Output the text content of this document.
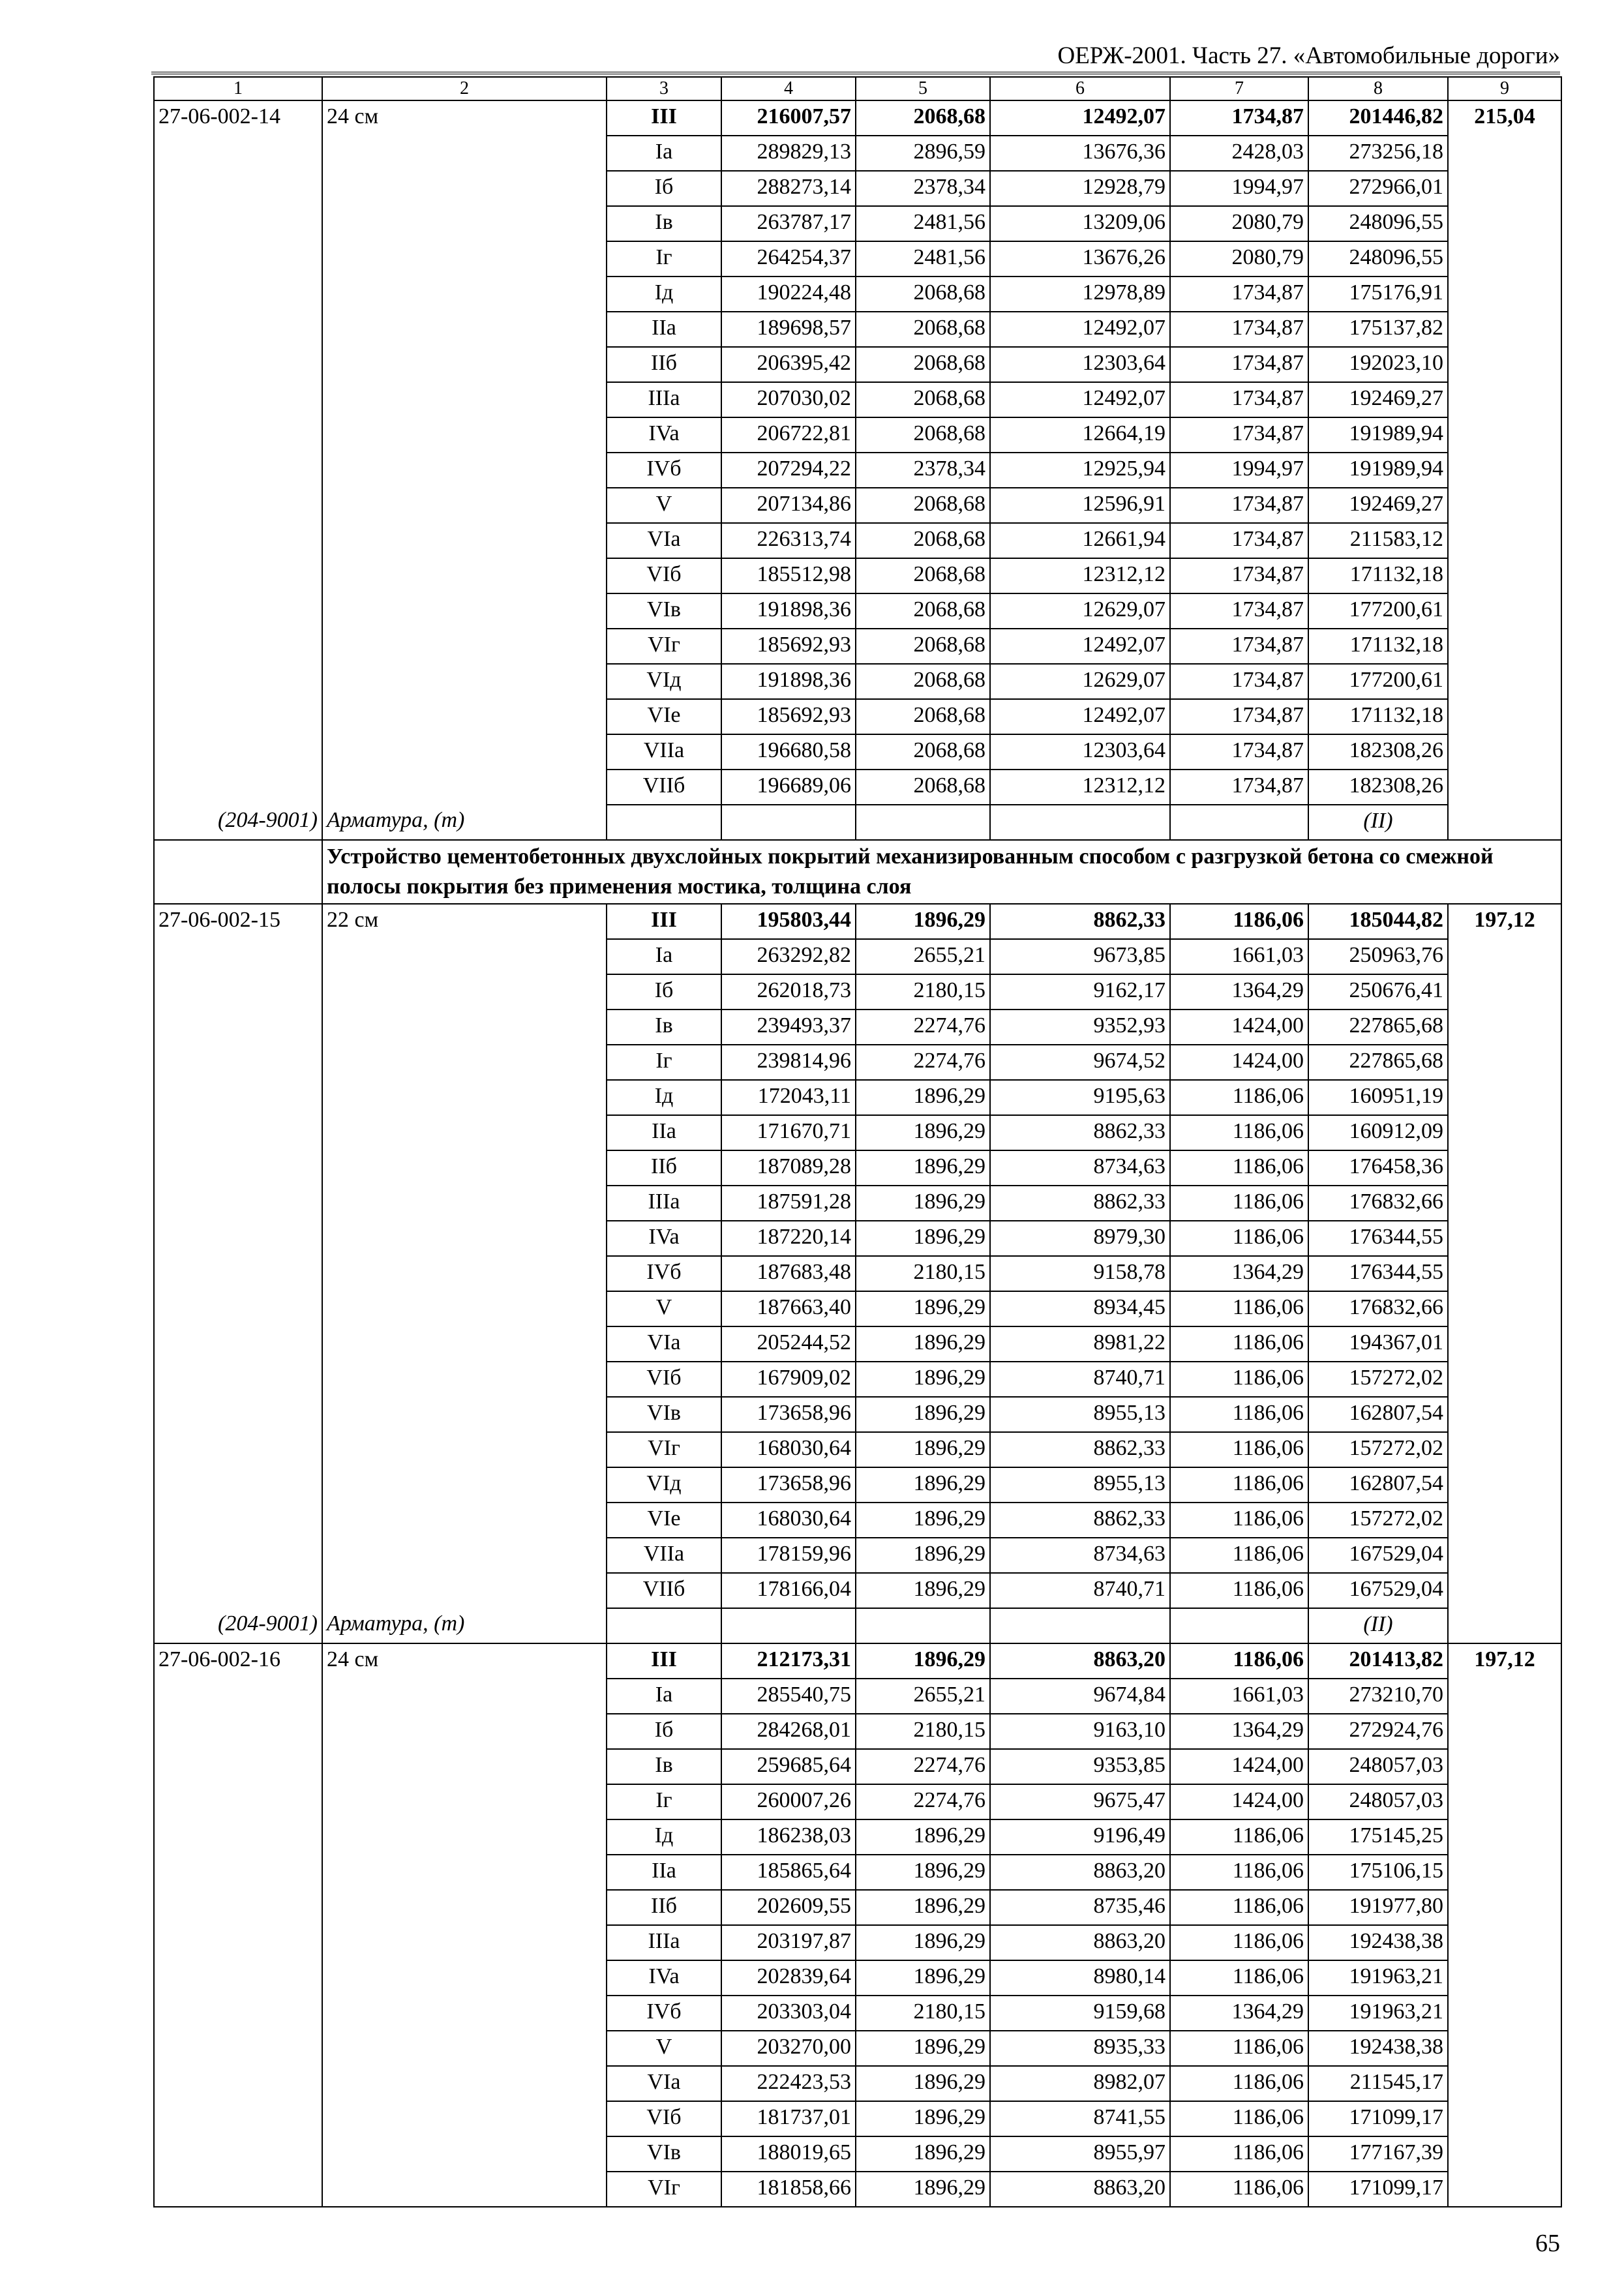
ОЕРЖ-2001. Часть 27. «Автомобильные дороги»
1	2	3	4	5	6	7	8	9
27-06-002-14	24 см	III	216007,57	2068,68	12492,07	1734,87	201446,82	215,04
		Ia	289829,13	2896,59	13676,36	2428,03	273256,18	
		Iб	288273,14	2378,34	12928,79	1994,97	272966,01	
		Iв	263787,17	2481,56	13209,06	2080,79	248096,55	
		Iг	264254,37	2481,56	13676,26	2080,79	248096,55	
		Iд	190224,48	2068,68	12978,89	1734,87	175176,91	
		IIa	189698,57	2068,68	12492,07	1734,87	175137,82	
		IIб	206395,42	2068,68	12303,64	1734,87	192023,10	
		IIIa	207030,02	2068,68	12492,07	1734,87	192469,27	
		IVa	206722,81	2068,68	12664,19	1734,87	191989,94	
		IVб	207294,22	2378,34	12925,94	1994,97	191989,94	
		V	207134,86	2068,68	12596,91	1734,87	192469,27	
		VIa	226313,74	2068,68	12661,94	1734,87	211583,12	
		VIб	185512,98	2068,68	12312,12	1734,87	171132,18	
		VIв	191898,36	2068,68	12629,07	1734,87	177200,61	
		VIг	185692,93	2068,68	12492,07	1734,87	171132,18	
		VIд	191898,36	2068,68	12629,07	1734,87	177200,61	
		VIe	185692,93	2068,68	12492,07	1734,87	171132,18	
		VIIa	196680,58	2068,68	12303,64	1734,87	182308,26	
		VIIб	196689,06	2068,68	12312,12	1734,87	182308,26	
(204-9001)	Арматура, (т)						(II)	
	Устройство цементобетонных двухслойных покрытий механизированным способом с разгрузкой бетона со смежной полосы покрытия без применения мостика, толщина слоя							
27-06-002-15	22 см	III	195803,44	1896,29	8862,33	1186,06	185044,82	197,12
		Ia	263292,82	2655,21	9673,85	1661,03	250963,76	
		Iб	262018,73	2180,15	9162,17	1364,29	250676,41	
		Iв	239493,37	2274,76	9352,93	1424,00	227865,68	
		Iг	239814,96	2274,76	9674,52	1424,00	227865,68	
		Iд	172043,11	1896,29	9195,63	1186,06	160951,19	
		IIa	171670,71	1896,29	8862,33	1186,06	160912,09	
		IIб	187089,28	1896,29	8734,63	1186,06	176458,36	
		IIIa	187591,28	1896,29	8862,33	1186,06	176832,66	
		IVa	187220,14	1896,29	8979,30	1186,06	176344,55	
		IVб	187683,48	2180,15	9158,78	1364,29	176344,55	
		V	187663,40	1896,29	8934,45	1186,06	176832,66	
		VIa	205244,52	1896,29	8981,22	1186,06	194367,01	
		VIб	167909,02	1896,29	8740,71	1186,06	157272,02	
		VIв	173658,96	1896,29	8955,13	1186,06	162807,54	
		VIг	168030,64	1896,29	8862,33	1186,06	157272,02	
		VIд	173658,96	1896,29	8955,13	1186,06	162807,54	
		VIe	168030,64	1896,29	8862,33	1186,06	157272,02	
		VIIa	178159,96	1896,29	8734,63	1186,06	167529,04	
		VIIб	178166,04	1896,29	8740,71	1186,06	167529,04	
(204-9001)	Арматура, (т)						(II)	
27-06-002-16	24 см	III	212173,31	1896,29	8863,20	1186,06	201413,82	197,12
		Ia	285540,75	2655,21	9674,84	1661,03	273210,70	
		Iб	284268,01	2180,15	9163,10	1364,29	272924,76	
		Iв	259685,64	2274,76	9353,85	1424,00	248057,03	
		Iг	260007,26	2274,76	9675,47	1424,00	248057,03	
		Iд	186238,03	1896,29	9196,49	1186,06	175145,25	
		IIa	185865,64	1896,29	8863,20	1186,06	175106,15	
		IIб	202609,55	1896,29	8735,46	1186,06	191977,80	
		IIIa	203197,87	1896,29	8863,20	1186,06	192438,38	
		IVa	202839,64	1896,29	8980,14	1186,06	191963,21	
		IVб	203303,04	2180,15	9159,68	1364,29	191963,21	
		V	203270,00	1896,29	8935,33	1186,06	192438,38	
		VIa	222423,53	1896,29	8982,07	1186,06	211545,17	
		VIб	181737,01	1896,29	8741,55	1186,06	171099,17	
		VIв	188019,65	1896,29	8955,97	1186,06	177167,39	
		VIг	181858,66	1896,29	8863,20	1186,06	171099,17	
65
